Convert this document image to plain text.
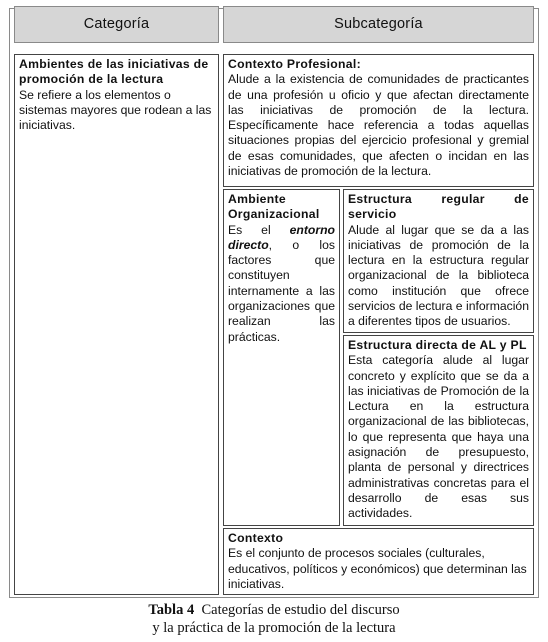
Categoría	Subcategoría
Ambientes de las iniciativas de promoción de la lectura
Se refiere a los elementos o sistemas mayores que rodean a las iniciativas.
Contexto Profesional:
Alude a la existencia de comunidades de practicantes de una profesión u oficio y que afectan directamente las iniciativas de promoción de la lectura. Específicamente hace referencia a todas aquellas situaciones propias del ejercicio profesional y gremial de esas comunidades, que afecten o incidan en las iniciativas de promoción de la lectura.
Ambiente Organizacional
Es el entorno directo, o los factores que constituyen internamente a las organizaciones que realizan las prácticas.
Estructura regular de servicio
Alude al lugar que se da a las iniciativas de promoción de la lectura en la estructura regular organizacional de la biblioteca como institución que ofrece servicios de lectura e información a diferentes tipos de usuarios.
Estructura directa de AL y PL
Esta categoría alude al lugar concreto y explícito que se da a las iniciativas de Promoción de la Lectura en la estructura organizacional de las bibliotecas, lo que representa que haya una asignación de presupuesto, planta de personal y directrices administrativas concretas para el desarrollo de esas sus actividades.
Contexto
Es el conjunto de procesos sociales (culturales, educativos, políticos y económicos) que determinan las iniciativas.
Tabla 4 Categorías de estudio del discurso
y la práctica de la promoción de la lectura
